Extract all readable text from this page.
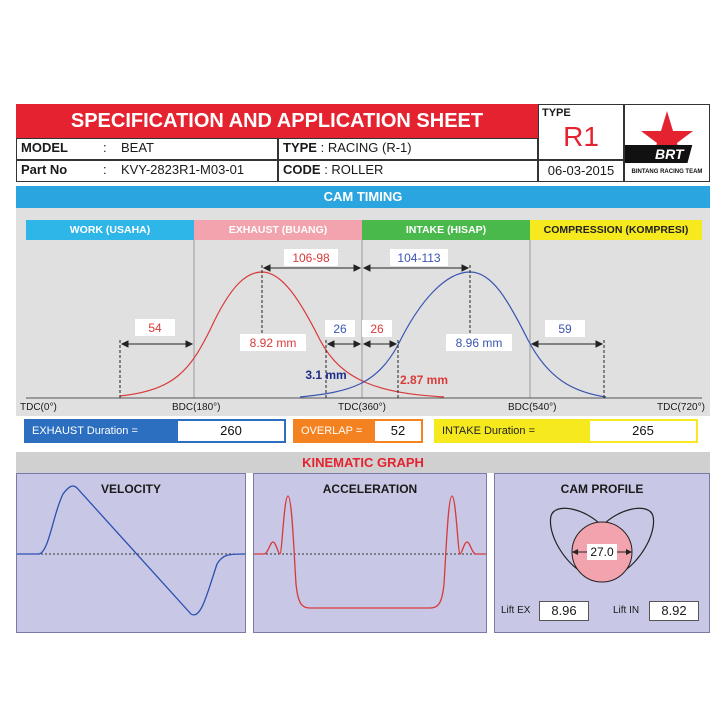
SPECIFICATION AND APPLICATION SHEET
MODEL	: BEAT
Part No	: KVY-2823R1-M03-01
TYPE : RACING (R-1)
CODE : ROLLER
TYPE
R1
06-03-2015
BRT
BINTANG RACING TEAM
CAM TIMING
WORK (USAHA)	EXHAUST (BUANG)	INTAKE (HISAP)	COMPRESSION (KOMPRESI)
54
106-98	104-113
26 26	59
8.92 mm	8.96 mm
3.1 mm	2.87 mm
TDC(0°)	BDC(180°)	TDC(360°)	BDC(540°)	TDC(720°)
EXHAUST Duration =	260	OVERLAP =	52	INTAKE Duration =	265
KINEMATIC GRAPH
VELOCITY	ACCELERATION	CAM PROFILE
27.0
Lift EX	8.96	Lift IN	8.92
